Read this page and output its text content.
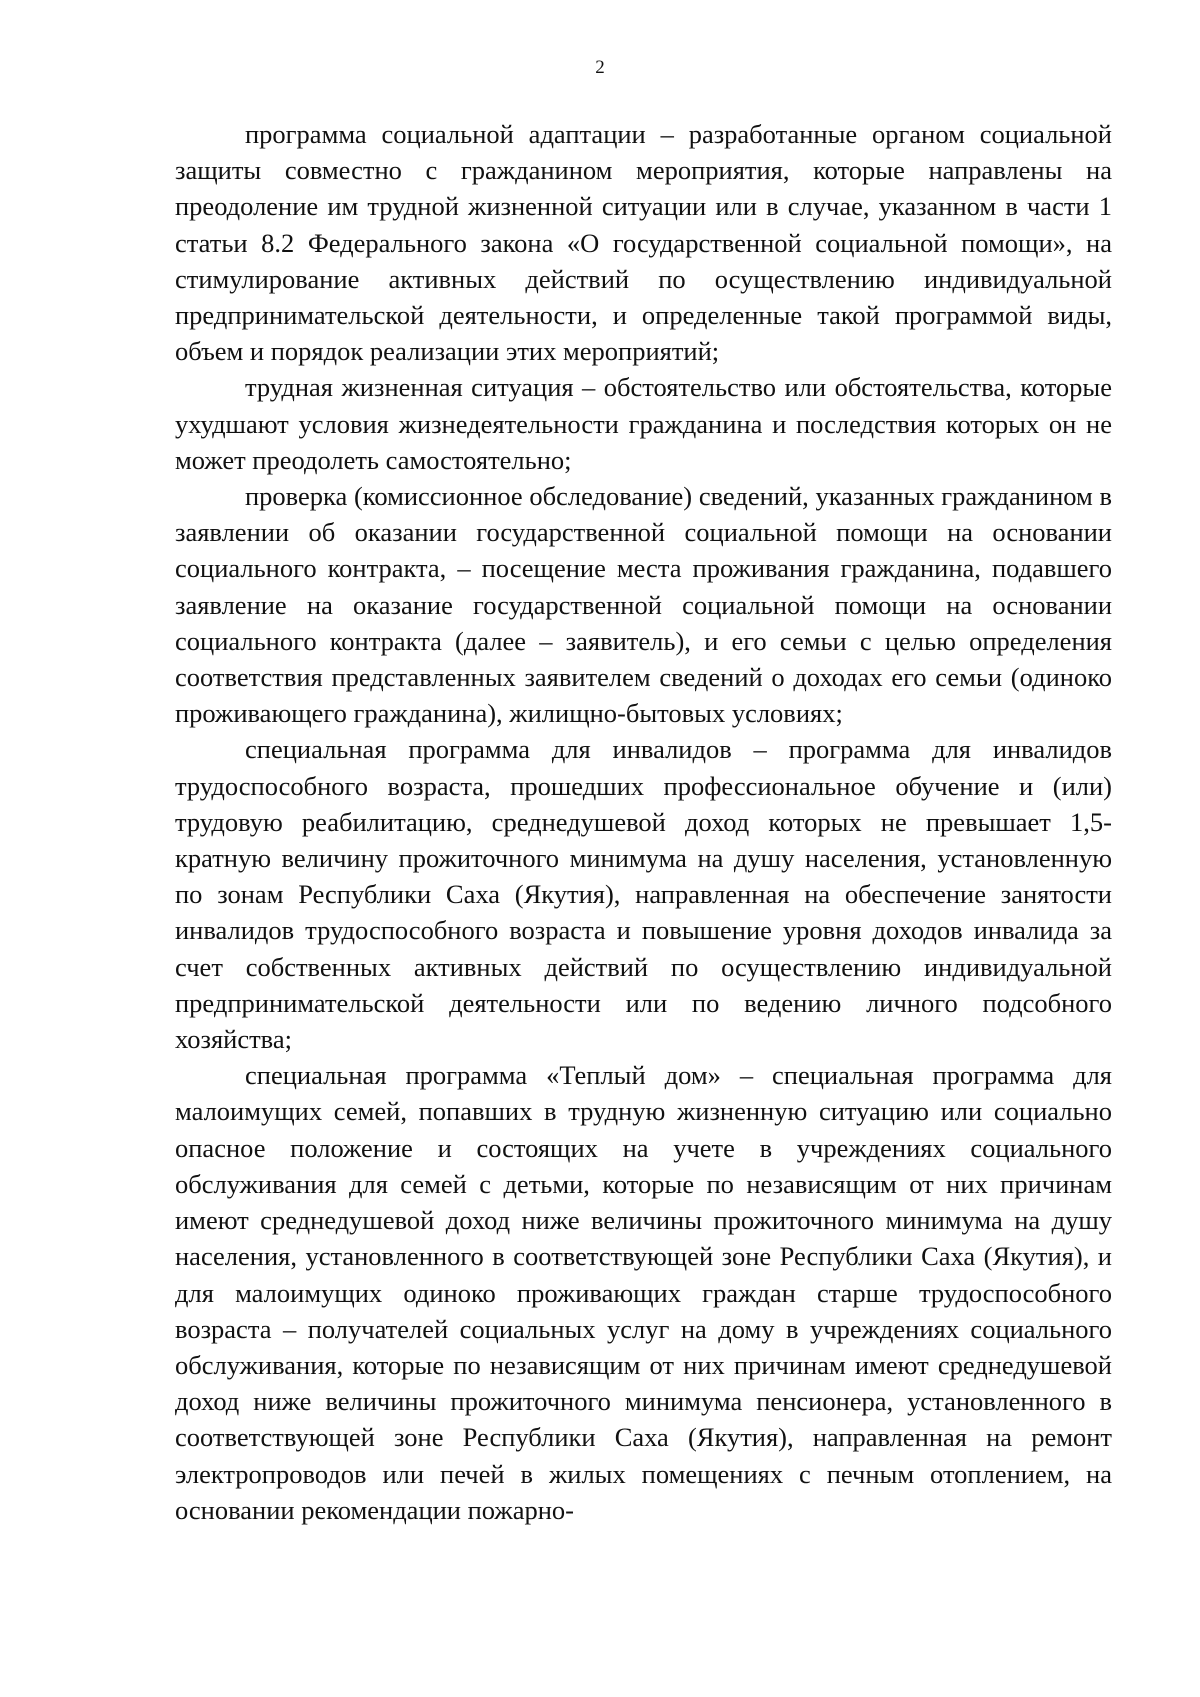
2

программа социальной адаптации – разработанные органом социальной защиты совместно с гражданином мероприятия, которые направлены на преодоление им трудной жизненной ситуации или в случае, указанном в части 1 статьи 8.2 Федерального закона «О государственной социальной помощи», на стимулирование активных действий по осуществлению индивидуальной предпринимательской деятельности, и определенные такой программой виды, объем и порядок реализации этих мероприятий;

трудная жизненная ситуация – обстоятельство или обстоятельства, которые ухудшают условия жизнедеятельности гражданина и последствия которых он не может преодолеть самостоятельно;

проверка (комиссионное обследование) сведений, указанных гражданином в заявлении об оказании государственной социальной помощи на основании социального контракта, – посещение места проживания гражданина, подавшего заявление на оказание государственной социальной помощи на основании социального контракта (далее – заявитель), и его семьи с целью определения соответствия представленных заявителем сведений о доходах его семьи (одиноко проживающего гражданина), жилищно-бытовых условиях;

специальная программа для инвалидов – программа для инвалидов трудоспособного возраста, прошедших профессиональное обучение и (или) трудовую реабилитацию, среднедушевой доход которых не превышает 1,5-кратную величину прожиточного минимума на душу населения, установленную по зонам Республики Саха (Якутия), направленная на обеспечение занятости инвалидов трудоспособного возраста и повышение уровня доходов инвалида за счет собственных активных действий по осуществлению индивидуальной предпринимательской деятельности или по ведению личного подсобного хозяйства;

специальная программа «Теплый дом» – специальная программа для малоимущих семей, попавших в трудную жизненную ситуацию или социально опасное положение и состоящих на учете в учреждениях социального обслуживания для семей с детьми, которые по независящим от них причинам имеют среднедушевой доход ниже величины прожиточного минимума на душу населения, установленного в соответствующей зоне Республики Саха (Якутия), и для малоимущих одиноко проживающих граждан старше трудоспособного возраста – получателей социальных услуг на дому в учреждениях социального обслуживания, которые по независящим от них причинам имеют среднедушевой доход ниже величины прожиточного минимума пенсионера, установленного в соответствующей зоне Республики Саха (Якутия), направленная на ремонт электропроводов или печей в жилых помещениях с печным отоплением, на основании рекомендации пожарно-
